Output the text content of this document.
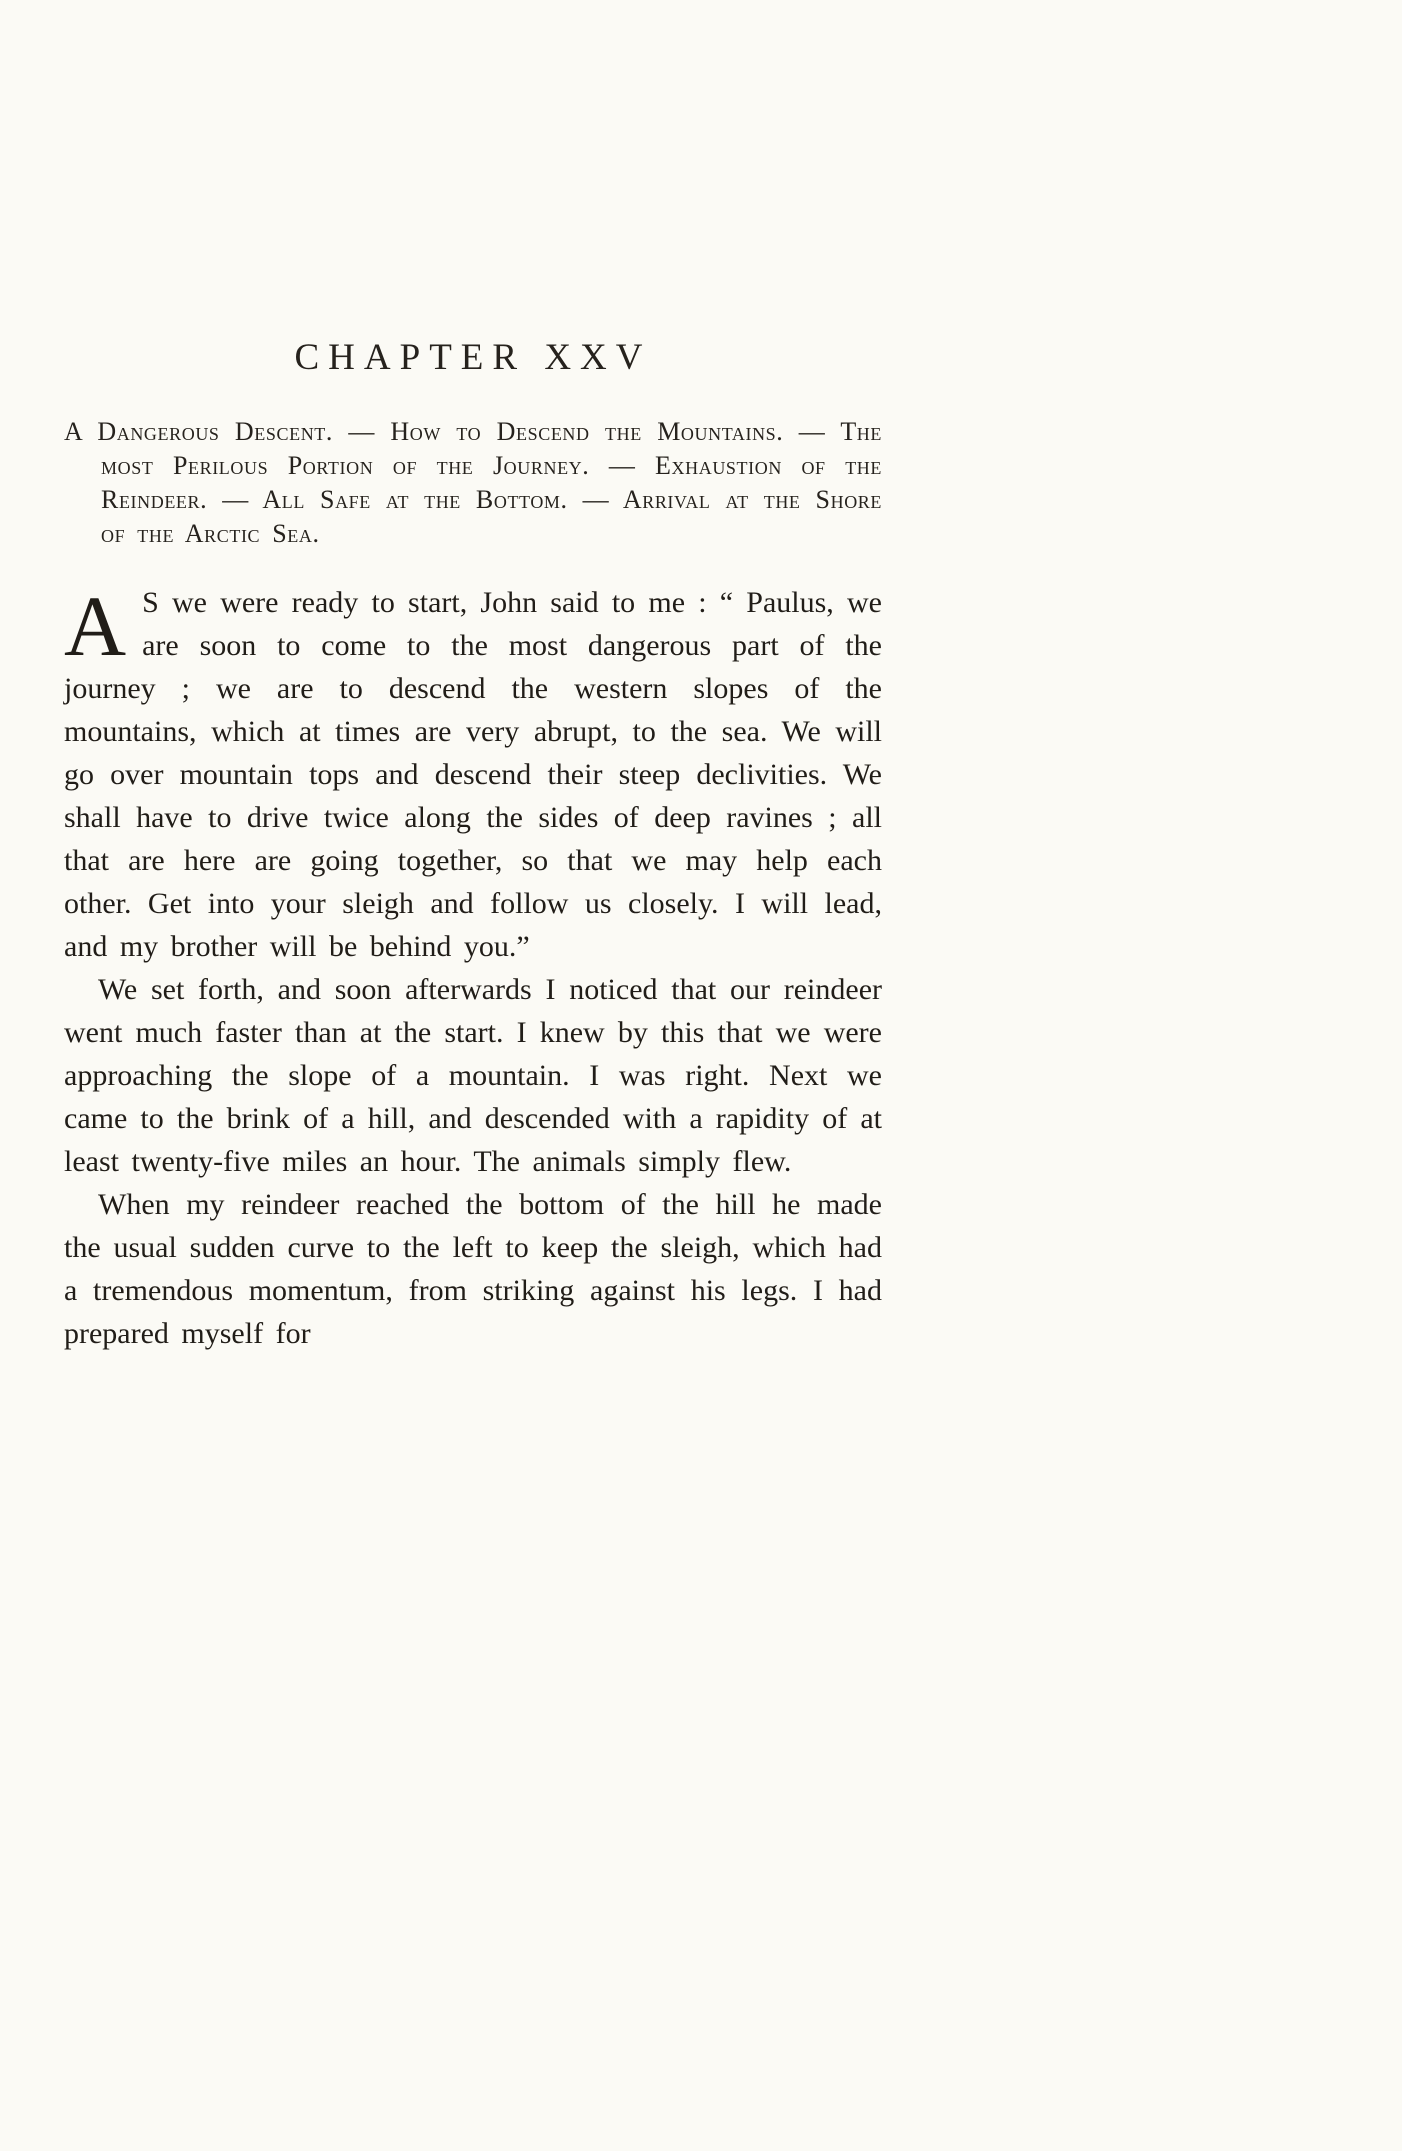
CHAPTER XXV

A Dangerous Descent. — How to Descend the Mountains. — The most Perilous Portion of the Journey. — Exhaustion of the Reindeer. — All Safe at the Bottom. — Arrival at the Shore of the Arctic Sea.

A S we were ready to start, John said to me : “ Paulus, we are soon to come to the most dangerous part of the journey ; we are to descend the western slopes of the mountains, which at times are very abrupt, to the sea. We will go over mountain tops and descend their steep declivities. We shall have to drive twice along the sides of deep ravines ; all that are here are going together, so that we may help each other. Get into your sleigh and follow us closely. I will lead, and my brother will be behind you.”

We set forth, and soon afterwards I noticed that our reindeer went much faster than at the start. I knew by this that we were approaching the slope of a mountain. I was right. Next we came to the brink of a hill, and descended with a rapidity of at least twenty-five miles an hour. The animals simply flew.

When my reindeer reached the bottom of the hill he made the usual sudden curve to the left to keep the sleigh, which had a tremendous momentum, from striking against his legs. I had prepared myself for
